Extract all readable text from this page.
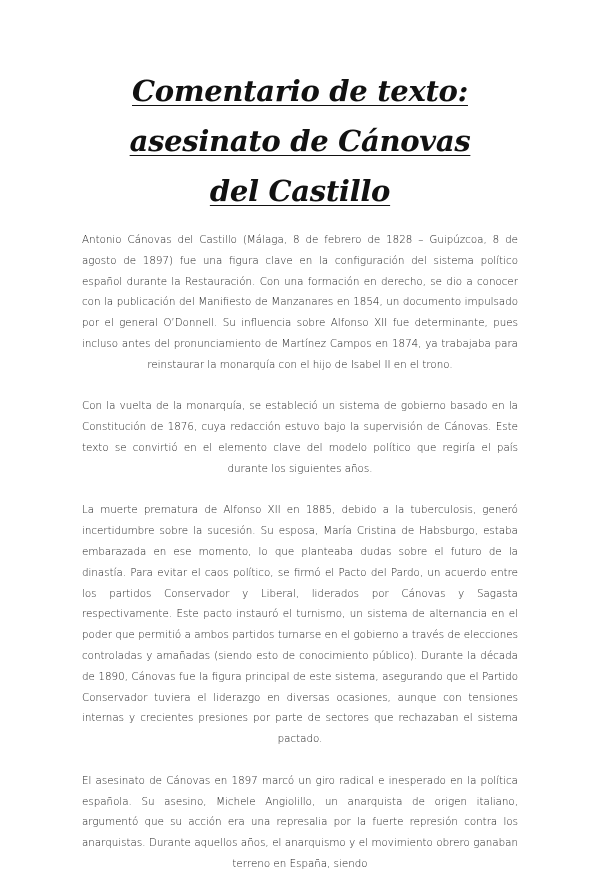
Comentario de texto: asesinato de Cánovas
del Castillo

Antonio Cánovas del Castillo (Málaga, 8 de febrero de 1828 – Guipúzcoa, 8 de agosto de 1897) fue una figura clave en la configuración del sistema político español durante la Restauración. Con una formación en derecho, se dio a conocer con la publicación del Manifiesto de Manzanares en 1854, un documento impulsado por el general O’Donnell. Su influencia sobre Alfonso XII fue determinante, pues incluso antes del pronunciamiento de Martínez Campos en 1874, ya trabajaba para reinstaurar la monarquía con el hijo de Isabel II en el trono.

Con la vuelta de la monarquía, se estableció un sistema de gobierno basado en la Constitución de 1876, cuya redacción estuvo bajo la supervisión de Cánovas. Este texto se convirtió en el elemento clave del modelo político que regiría el país durante los siguientes años.

La muerte prematura de Alfonso XII en 1885, debido a la tuberculosis, generó incertidumbre sobre la sucesión. Su esposa, María Cristina de Habsburgo, estaba embarazada en ese momento, lo que planteaba dudas sobre el futuro de la dinastía. Para evitar el caos político, se firmó el Pacto del Pardo, un acuerdo entre los partidos Conservador y Liberal, liderados por Cánovas y Sagasta respectivamente. Este pacto instauró el turnismo, un sistema de alternancia en el poder que permitió a ambos partidos turnarse en el gobierno a través de elecciones controladas y amañadas (siendo esto de conocimiento público). Durante la década de 1890, Cánovas fue la figura principal de este sistema, asegurando que el Partido Conservador tuviera el liderazgo en diversas ocasiones, aunque con tensiones internas y crecientes presiones por parte de sectores que rechazaban el sistema pactado.

El asesinato de Cánovas en 1897 marcó un giro radical e inesperado en la política española. Su asesino, Michele Angiolillo, un anarquista de origen italiano, argumentó que su acción era una represalia por la fuerte represión contra los anarquistas. Durante aquellos años, el anarquismo y el movimiento obrero ganaban terreno en España, siendo
